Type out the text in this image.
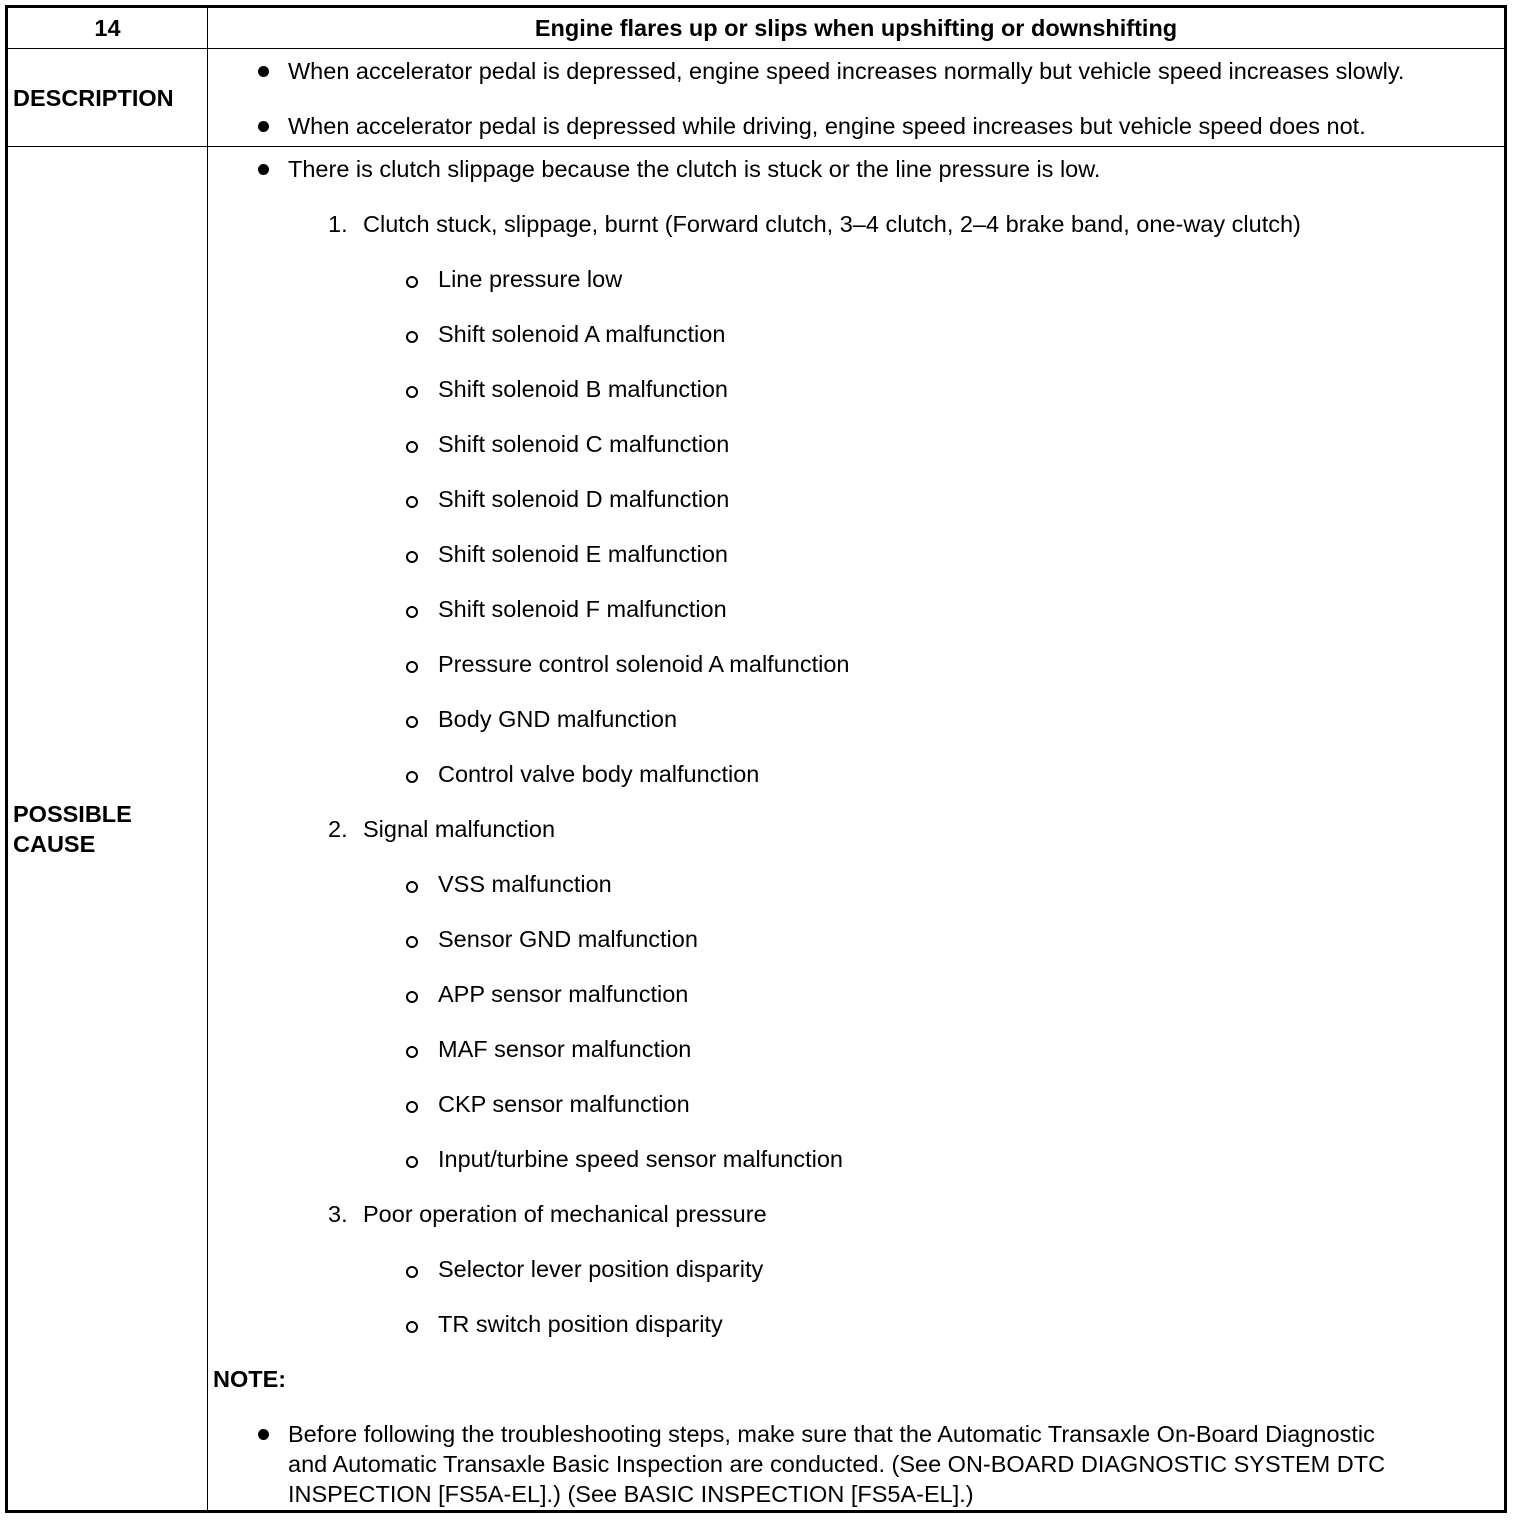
14	Engine flares up or slips when upshifting or downshifting
DESCRIPTION
When accelerator pedal is depressed, engine speed increases normally but vehicle speed increases slowly.
When accelerator pedal is depressed while driving, engine speed increases but vehicle speed does not.
POSSIBLE
CAUSE
There is clutch slippage because the clutch is stuck or the line pressure is low.
1. Clutch stuck, slippage, burnt (Forward clutch, 3–4 clutch, 2–4 brake band, one-way clutch)
Line pressure low
Shift solenoid A malfunction
Shift solenoid B malfunction
Shift solenoid C malfunction
Shift solenoid D malfunction
Shift solenoid E malfunction
Shift solenoid F malfunction
Pressure control solenoid A malfunction
Body GND malfunction
Control valve body malfunction
2. Signal malfunction
VSS malfunction
Sensor GND malfunction
APP sensor malfunction
MAF sensor malfunction
CKP sensor malfunction
Input/turbine speed sensor malfunction
3. Poor operation of mechanical pressure
Selector lever position disparity
TR switch position disparity
NOTE:
Before following the troubleshooting steps, make sure that the Automatic Transaxle On-Board Diagnostic
and Automatic Transaxle Basic Inspection are conducted. (See ON-BOARD DIAGNOSTIC SYSTEM DTC
INSPECTION [FS5A-EL].) (See BASIC INSPECTION [FS5A-EL].)
